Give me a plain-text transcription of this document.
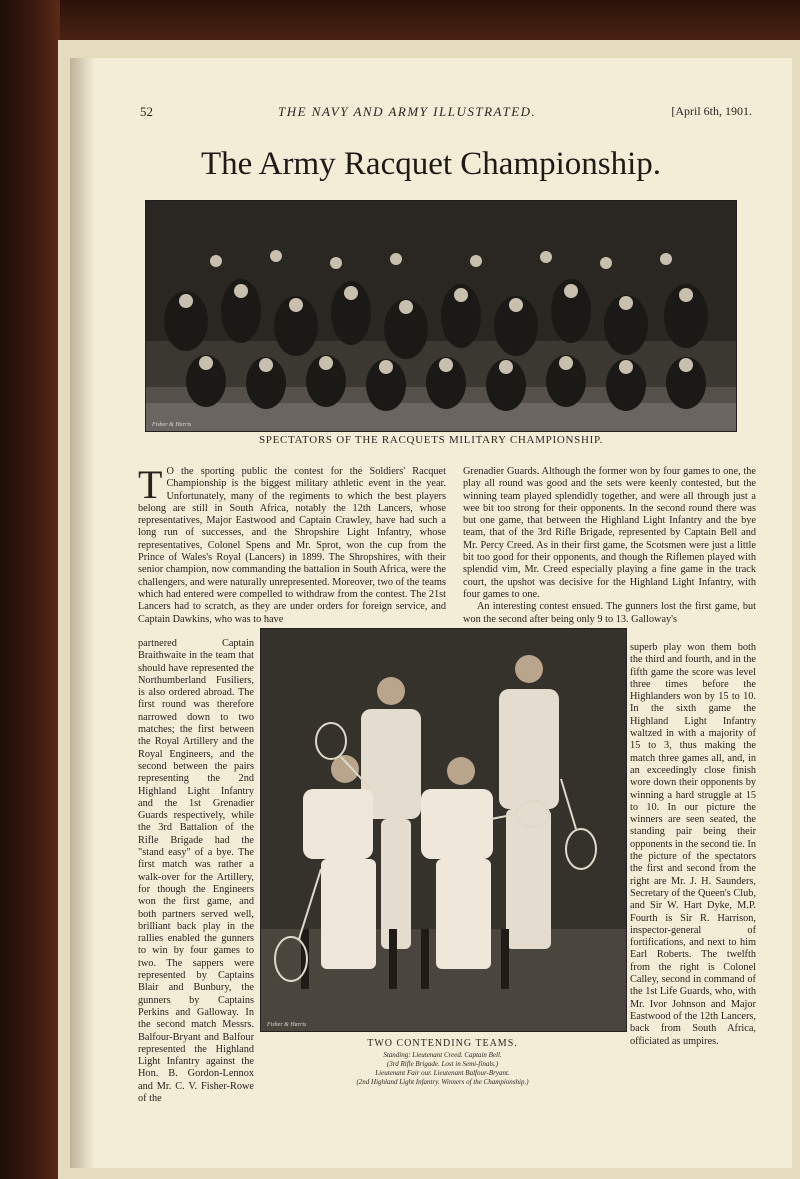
52	THE NAVY AND ARMY ILLUSTRATED.	[April 6th, 1901.
The Army Racquet Championship.
Fisher & Harris
SPECTATORS OF THE RACQUETS MILITARY CHAMPIONSHIP.

T O the sporting public the contest for the Soldiers' Racquet Championship is the biggest military athletic event in the year. Unfortunately, many of the regiments to which the best players belong are still in South Africa, notably the 12th Lancers, whose representatives, Major Eastwood and Captain Crawley, have had such a long run of successes, and the Shropshire Light Infantry, whose representatives, Colonel Spens and Mr. Sprot, won the cup from the Prince of Wales's Royal (Lancers) in 1899. The Shropshires, with their senior champion, now commanding the battalion in South Africa, were the challengers, and were naturally unrepresented. Moreover, two of the teams which had entered were compelled to withdraw from the contest. The 21st Lancers had to scratch, as they are under orders for foreign service, and Captain Dawkins, who was to have

partnered Captain Braithwaite in the team that should have represented the Northumberland Fusiliers, is also ordered abroad. The first round was therefore narrowed down to two matches; the first between the Royal Artillery and the Royal Engineers, and the second between the pairs representing the 2nd Highland Light Infantry and the 1st Grenadier Guards respectively, while the 3rd Battalion of the Rifle Brigade had the "stand easy" of a bye. The first match was rather a walk-over for the Artillery, for though the Engineers won the first game, and both partners served well, brilliant back play in the rallies enabled the gunners to win by four games to two. The sappers were represented by Captains Blair and Bunbury, the gunners by Captains Perkins and Galloway. In the second match Messrs. Balfour-Bryant and Balfour represented the Highland Light Infantry against the Hon. B. Gordon-Lennox and Mr. C. V. Fisher-Rowe of the

Grenadier Guards. Although the former won by four games to one, the play all round was good and the sets were keenly contested, but the winning team played splendidly together, and were all through just a wee bit too strong for their opponents. In the second round there was but one game, that between the Highland Light Infantry and the bye team, that of the 3rd Rifle Brigade, represented by Captain Bell and Mr. Percy Creed. As in their first game, the Scotsmen were just a little bit too good for their opponents, and though the Riflemen played with splendid vim, Mr. Creed especially playing a fine game in the track court, the upshot was decisive for the Highland Light Infantry, with four games to one.

An interesting contest ensued. The gunners lost the first game, but won the second after being only 9 to 13. Galloway's

superb play won them both the third and fourth, and in the fifth game the score was level three times before the Highlanders won by 15 to 10. In the sixth game the Highland Light Infantry waltzed in with a majority of 15 to 3, thus making the match three games all, and, in an exceedingly close finish wore down their opponents by winning a hard struggle at 15 to 10. In our picture the winners are seen seated, the standing pair being their opponents in the second tie. In the picture of the spectators the first and second from the right are Mr. J. H. Saunders, Secretary of the Queen's Club, and Sir W. Hart Dyke, M.P. Fourth is Sir R. Harrison, inspector-general of fortifications, and next to him Earl Roberts. The twelfth from the right is Colonel Calley, second in command of the 1st Life Guards, who, with Mr. Ivor Johnson and Major Eastwood of the 12th Lancers, back from South Africa, officiated as umpires.

Fisher & Harris
TWO CONTENDING TEAMS.
Standing: Lieutenant Creed. Captain Bell.
(3rd Rifle Brigade. Lost in Semi-finals.)
Lieutenant Fair our. Lieutenant Balfour-Bryant.
(2nd Highland Light Infantry. Winners of the Championship.)
